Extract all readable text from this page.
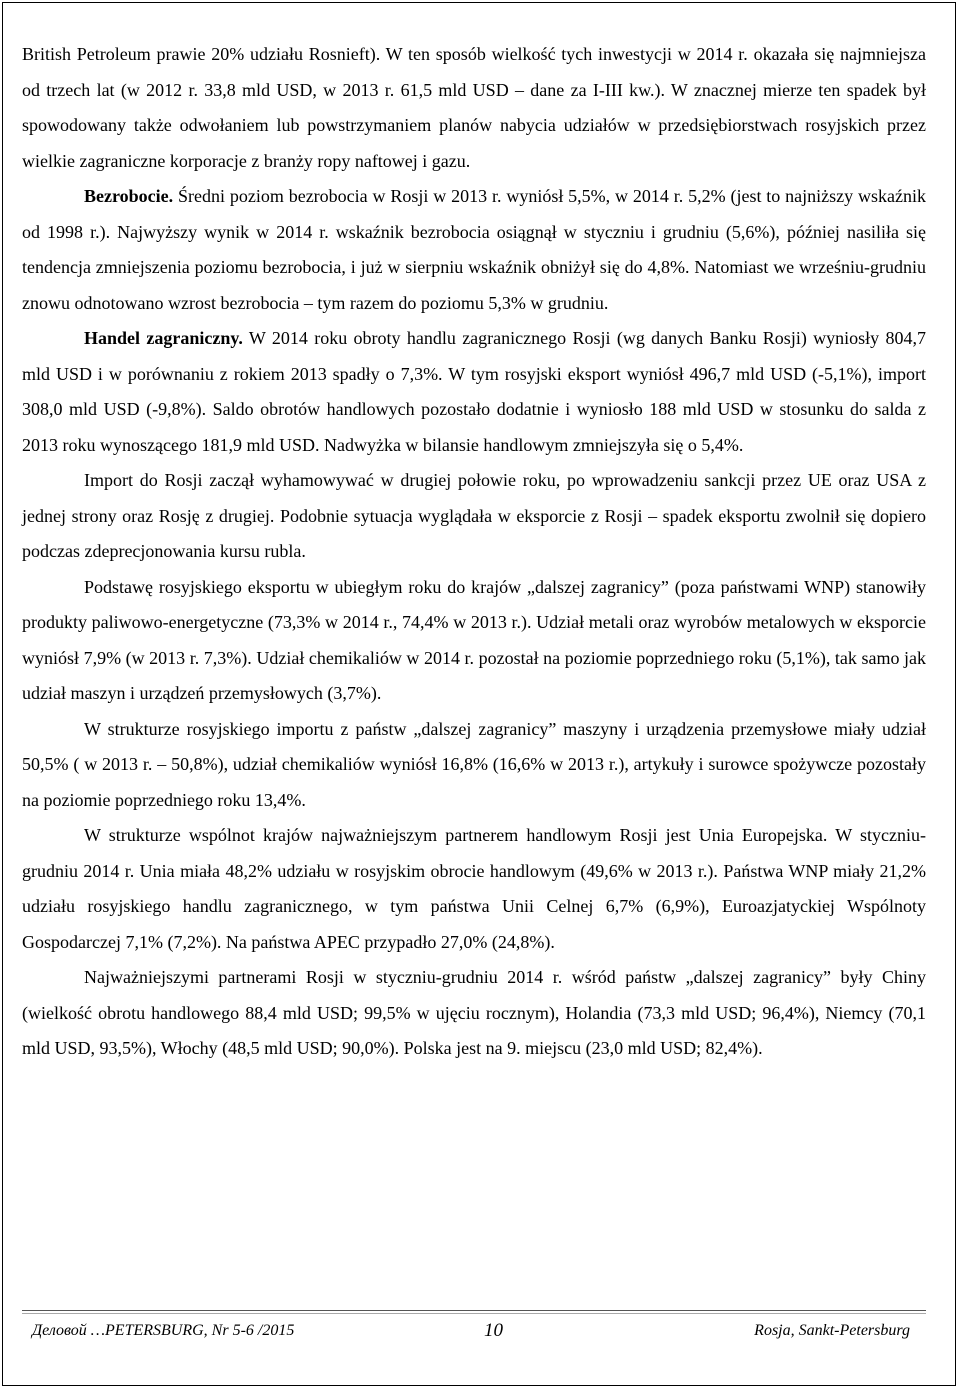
British Petroleum prawie 20% udziału Rosnieft). W ten sposób wielkość tych inwestycji w 2014 r. okazała się najmniejsza od trzech lat (w 2012 r. 33,8 mld USD, w 2013 r. 61,5 mld USD – dane za I-III kw.). W znacznej mierze ten spadek był spowodowany także odwołaniem lub powstrzymaniem planów nabycia udziałów w przedsiębiorstwach rosyjskich przez wielkie zagraniczne korporacje z branży ropy naftowej i gazu.

Bezrobocie. Średni poziom bezrobocia w Rosji w 2013 r. wyniósł 5,5%, w 2014 r. 5,2% (jest to najniższy wskaźnik od 1998 r.). Najwyższy wynik w 2014 r. wskaźnik bezrobocia osiągnął w styczniu i grudniu (5,6%), później nasiliła się tendencja zmniejszenia poziomu bezrobocia, i już w sierpniu wskaźnik obniżył się do 4,8%. Natomiast we wrześniu-grudniu znowu odnotowano wzrost bezrobocia – tym razem do poziomu 5,3% w grudniu.

Handel zagraniczny. W 2014 roku obroty handlu zagranicznego Rosji (wg danych Banku Rosji) wyniosły 804,7 mld USD i w porównaniu z rokiem 2013 spadły o 7,3%. W tym rosyjski eksport wyniósł 496,7 mld USD (-5,1%), import 308,0 mld USD (-9,8%). Saldo obrotów handlowych pozostało dodatnie i wyniosło 188 mld USD w stosunku do salda z 2013 roku wynoszącego 181,9 mld USD. Nadwyżka w bilansie handlowym zmniejszyła się o 5,4%.

Import do Rosji zaczął wyhamowywać w drugiej połowie roku, po wprowadzeniu sankcji przez UE oraz USA z jednej strony oraz Rosję z drugiej. Podobnie sytuacja wyglądała w eksporcie z Rosji – spadek eksportu zwolnił się dopiero podczas zdeprecjonowania kursu rubla.

Podstawę rosyjskiego eksportu w ubiegłym roku do krajów „dalszej zagranicy” (poza państwami WNP) stanowiły produkty paliwowo-energetyczne (73,3% w 2014 r., 74,4% w 2013 r.). Udział metali oraz wyrobów metalowych w eksporcie wyniósł 7,9% (w 2013 r. 7,3%). Udział chemikaliów w 2014 r. pozostał na poziomie poprzedniego roku (5,1%), tak samo jak udział maszyn i urządzeń przemysłowych (3,7%).

W strukturze rosyjskiego importu z państw „dalszej zagranicy” maszyny i urządzenia przemysłowe miały udział 50,5% ( w 2013 r. – 50,8%), udział chemikaliów wyniósł 16,8% (16,6% w 2013 r.), artykuły i surowce spożywcze pozostały na poziomie poprzedniego roku 13,4%.

W strukturze wspólnot krajów najważniejszym partnerem handlowym Rosji jest Unia Europejska. W styczniu-grudniu 2014 r. Unia miała 48,2% udziału w rosyjskim obrocie handlowym (49,6% w 2013 r.). Państwa WNP miały 21,2% udziału rosyjskiego handlu zagranicznego, w tym państwa Unii Celnej 6,7% (6,9%), Euroazjatyckiej Wspólnoty Gospodarczej 7,1% (7,2%). Na państwa APEC przypadło 27,0% (24,8%).

Najważniejszymi partnerami Rosji w styczniu-grudniu 2014 r. wśród państw „dalszej zagranicy” były Chiny (wielkość obrotu handlowego 88,4 mld USD; 99,5% w ujęciu rocznym), Holandia (73,3 mld USD; 96,4%), Niemcy (70,1 mld USD, 93,5%), Włochy (48,5 mld USD; 90,0%). Polska jest na 9. miejscu (23,0 mld USD; 82,4%).

Деловой …PETERSBURG, Nr 5-6 /2015	10	Rosja, Sankt-Petersburg
